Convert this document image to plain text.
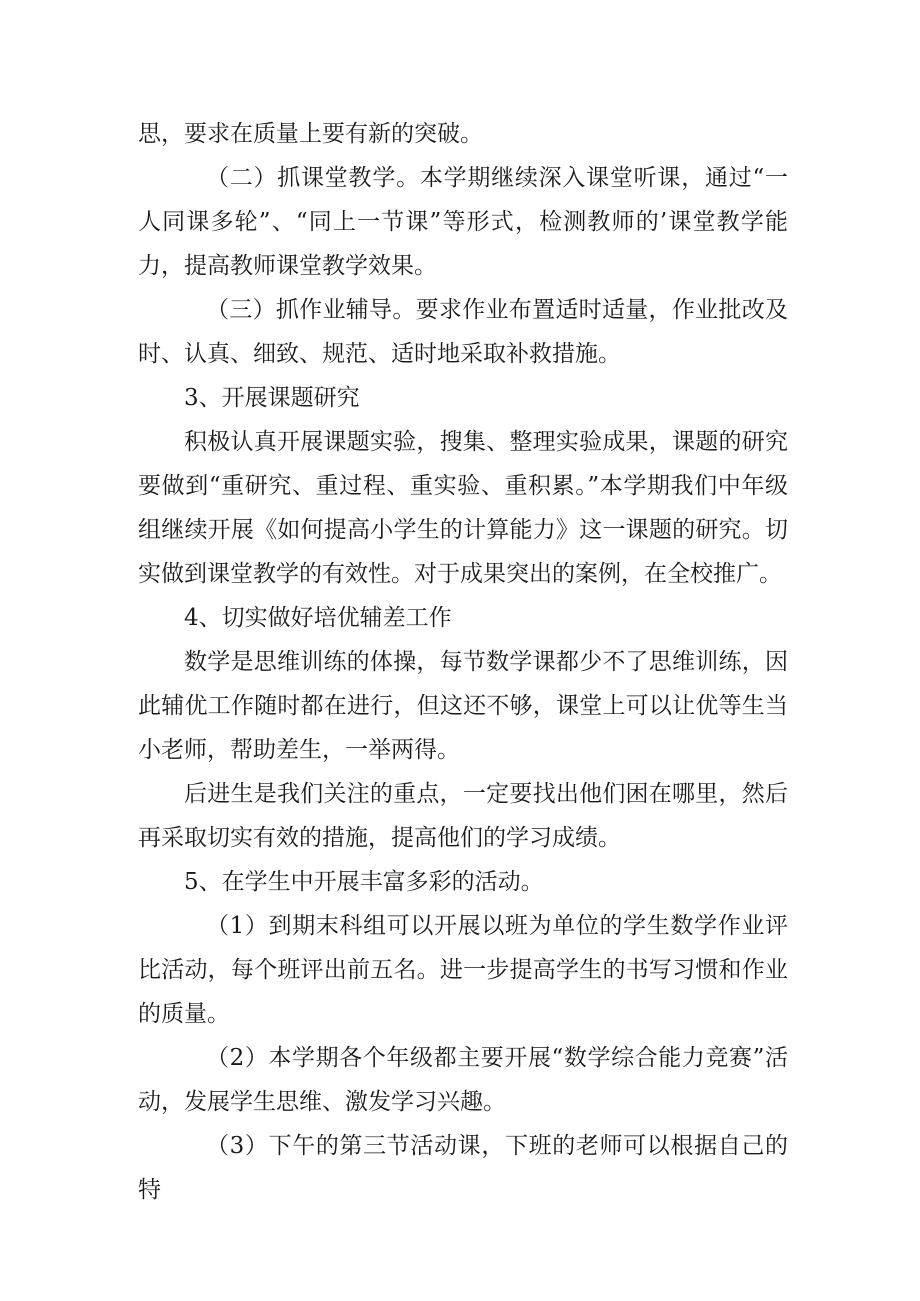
思，要求在质量上要有新的突破。

（二）抓课堂教学。本学期继续深入课堂听课，通过“一人同课多轮”、“同上一节课”等形式，检测教师的’课堂教学能力，提高教师课堂教学效果。

（三）抓作业辅导。要求作业布置适时适量，作业批改及时、认真、细致、规范、适时地采取补救措施。

3、开展课题研究

积极认真开展课题实验，搜集、整理实验成果，课题的研究要做到“重研究、重过程、重实验、重积累。”本学期我们中年级组继续开展《如何提高小学生的计算能力》这一课题的研究。切实做到课堂教学的有效性。对于成果突出的案例，在全校推广。

4、切实做好培优辅差工作

数学是思维训练的体操，每节数学课都少不了思维训练，因此辅优工作随时都在进行，但这还不够，课堂上可以让优等生当小老师，帮助差生，一举两得。

后进生是我们关注的重点，一定要找出他们困在哪里，然后再采取切实有效的措施，提高他们的学习成绩。

5、在学生中开展丰富多彩的活动。

（1）到期末科组可以开展以班为单位的学生数学作业评比活动，每个班评出前五名。进一步提高学生的书写习惯和作业的质量。

（2）本学期各个年级都主要开展“数学综合能力竞赛”活动，发展学生思维、激发学习兴趣。

（3）下午的第三节活动课，下班的老师可以根据自己的特
